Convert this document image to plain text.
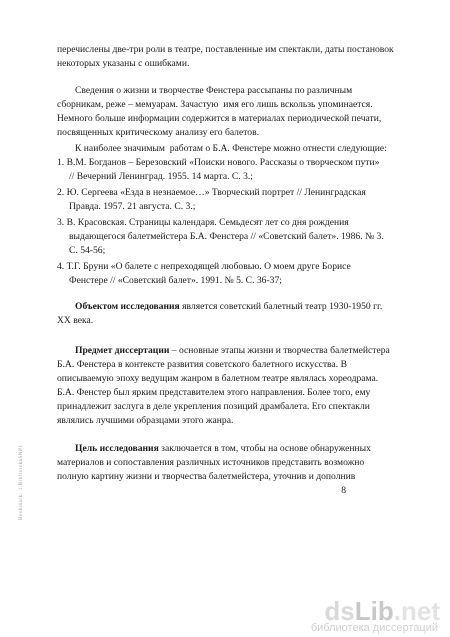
перечислены две-три роли в театре, поставленные им спектакли, даты постановок
некоторых указаны с ошибками.
Сведения о жизни и творчестве Фенстера рассыпаны по различным
сборникам, реже – мемуарам. Зачастую  имя его лишь вскользь упоминается.
Немного больше информации содержится в материалах периодической печати,
посвященных критическому анализу его балетов.
К наиболее значимым  работам о Б.А. Фенстере можно отнести следующие:
1. В.М. Богданов – Березовский «Поиски нового. Рассказы о творческом пути»
// Вечерний Ленинград. 1955. 14 марта. С. 3.;
2. Ю. Сергеева «Езда в незнаемое…» Творческий портрет // Ленинградская
Правда. 1957. 21 августа. С. 3.;
3. В. Красовская. Страницы календаря. Семьдесят лет со дня рождения
выдающегося балетмейстера Б.А. Фенстера // «Советский балет». 1986. № 3.
С. 54-56;
4. Т.Г. Бруни «О балете с непреходящей любовью. О моем друге Борисе
Фенстере // «Советский балет». 1991. № 5. С. 36-37;
Объектом исследования является советский балетный театр 1930-1950 гг.
XX века.
Предмет диссертации – основные этапы жизни и творчества балетмейстера
Б.А. Фенстера в контексте развития советского балетного искусства. В
описываемую эпоху ведущим жанром в балетном театре являлась хореодрама.
Б.А. Фенстер был ярким представителем этого направления. Более того, ему
принадлежит заслуга в деле укрепления позиций драмбалета. Его спектакли
являлись лучшими образцами этого жанра.
Цель исследования заключается в том, чтобы на основе обнаруженных
материалов и сопоставления различных источников представить возможно
полную картину жизни и творчества балетмейстера, уточнив и дополнив
8
Bookmark: 1,BibliotekaSNP1
dsLib.net
библиотека диссертаций
